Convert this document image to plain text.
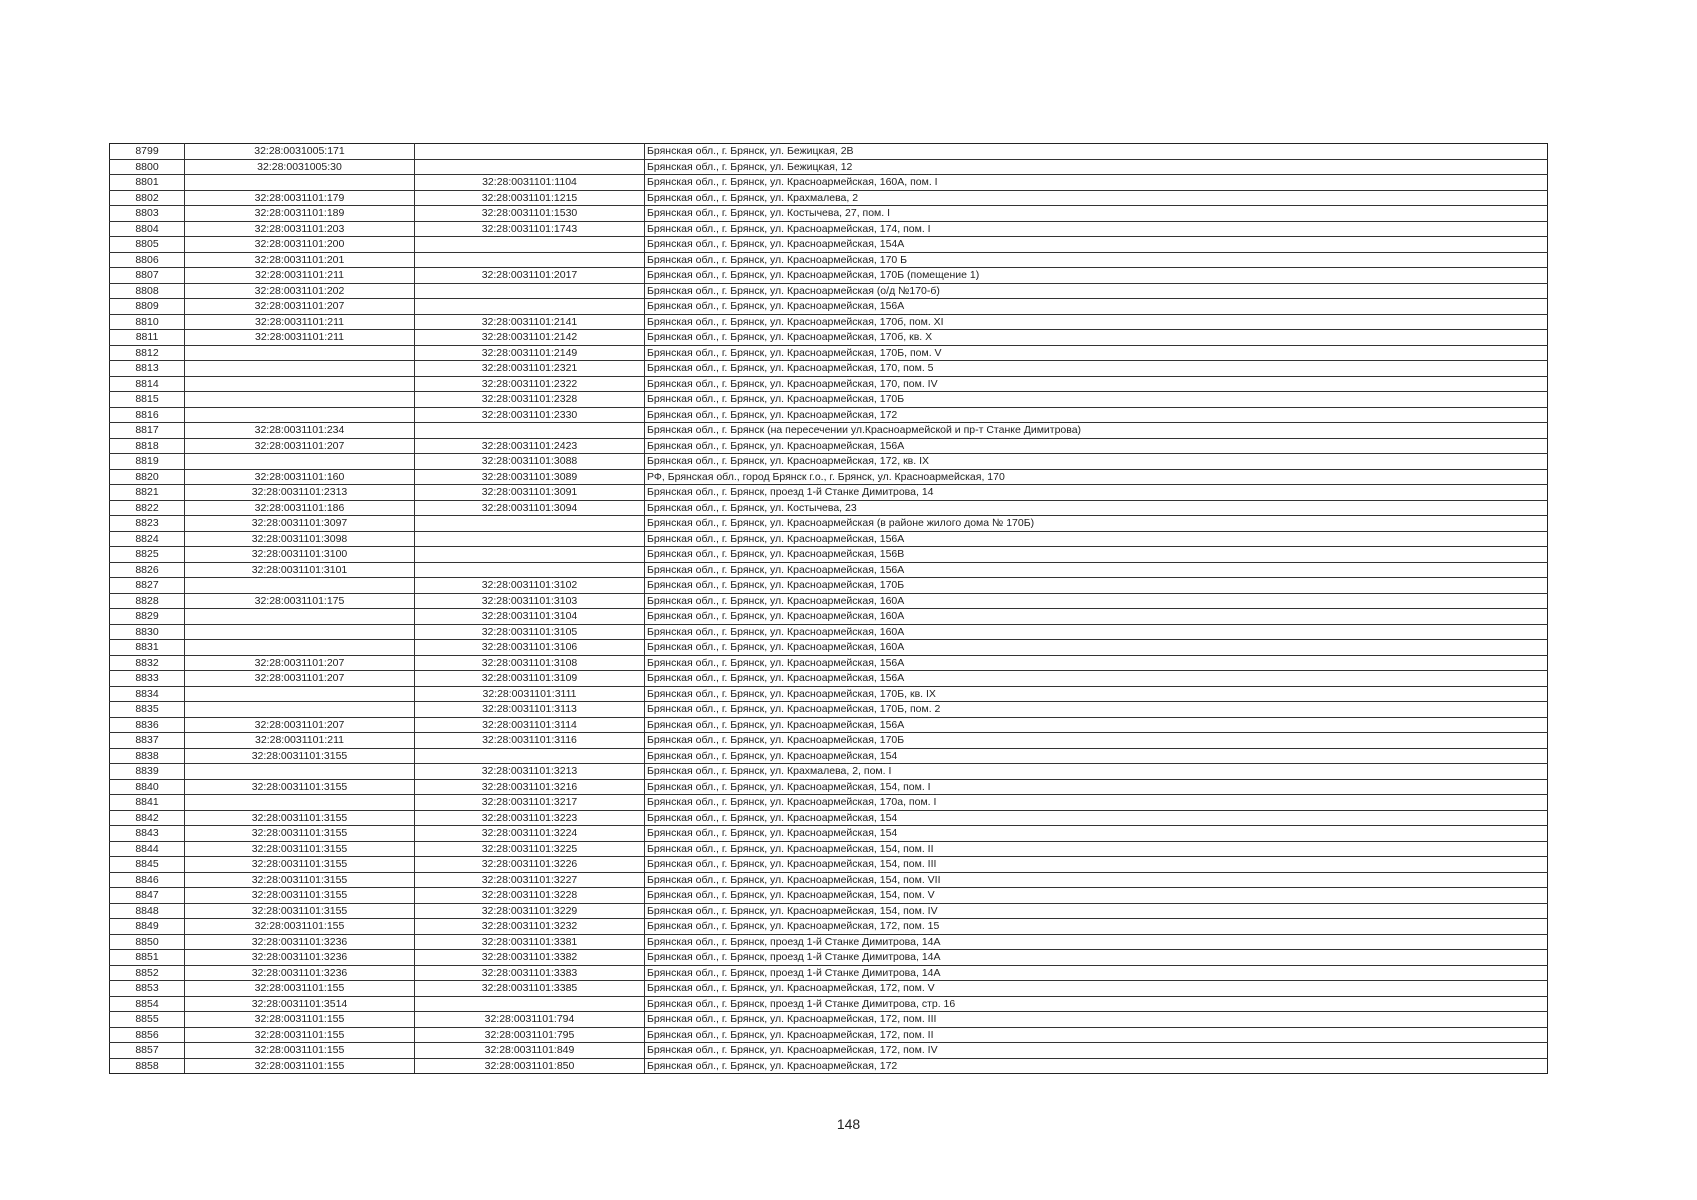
8799	32:28:0031005:171		Брянская обл., г. Брянск, ул. Бежицкая, 2В
8800	32:28:0031005:30		Брянская обл., г. Брянск, ул. Бежицкая, 12
8801		32:28:0031101:1104	Брянская обл., г. Брянск, ул. Красноармейская, 160А, пом. I
8802	32:28:0031101:179	32:28:0031101:1215	Брянская обл., г. Брянск, ул. Крахмалева, 2
8803	32:28:0031101:189	32:28:0031101:1530	Брянская обл., г. Брянск, ул. Костычева, 27, пом. I
8804	32:28:0031101:203	32:28:0031101:1743	Брянская обл., г. Брянск, ул. Красноармейская, 174, пом. I
8805	32:28:0031101:200		Брянская обл., г. Брянск, ул. Красноармейская, 154А
8806	32:28:0031101:201		Брянская обл., г. Брянск, ул. Красноармейская, 170 Б
8807	32:28:0031101:211	32:28:0031101:2017	Брянская обл., г. Брянск, ул. Красноармейская, 170Б (помещение 1)
8808	32:28:0031101:202		Брянская обл., г. Брянск, ул. Красноармейская (о/д №170-б)
8809	32:28:0031101:207		Брянская обл., г. Брянск, ул. Красноармейская, 156А
8810	32:28:0031101:211	32:28:0031101:2141	Брянская обл., г. Брянск, ул. Красноармейская, 170б, пом. XI
8811	32:28:0031101:211	32:28:0031101:2142	Брянская обл., г. Брянск, ул. Красноармейская, 170б, кв. X
8812		32:28:0031101:2149	Брянская обл., г. Брянск, ул. Красноармейская, 170Б, пом. V
8813		32:28:0031101:2321	Брянская обл., г. Брянск, ул. Красноармейская, 170, пом. 5
8814		32:28:0031101:2322	Брянская обл., г. Брянск, ул. Красноармейская, 170, пом. IV
8815		32:28:0031101:2328	Брянская обл., г. Брянск, ул. Красноармейская, 170Б
8816		32:28:0031101:2330	Брянская обл., г. Брянск, ул. Красноармейская, 172
8817	32:28:0031101:234		Брянская обл., г. Брянск (на пересечении ул.Красноармейской и пр-т Станке Димитрова)
8818	32:28:0031101:207	32:28:0031101:2423	Брянская обл., г. Брянск, ул. Красноармейская, 156А
8819		32:28:0031101:3088	Брянская обл., г. Брянск, ул. Красноармейская, 172, кв. IX
8820	32:28:0031101:160	32:28:0031101:3089	РФ, Брянская обл., город Брянск г.о., г. Брянск, ул. Красноармейская, 170
8821	32:28:0031101:2313	32:28:0031101:3091	Брянская обл., г. Брянск, проезд 1-й Станке Димитрова, 14
8822	32:28:0031101:186	32:28:0031101:3094	Брянская обл., г. Брянск, ул. Костычева, 23
8823	32:28:0031101:3097		Брянская обл., г. Брянск, ул. Красноармейская (в районе жилого дома № 170Б)
8824	32:28:0031101:3098		Брянская обл., г. Брянск, ул. Красноармейская, 156А
8825	32:28:0031101:3100		Брянская обл., г. Брянск, ул. Красноармейская, 156В
8826	32:28:0031101:3101		Брянская обл., г. Брянск, ул. Красноармейская, 156А
8827		32:28:0031101:3102	Брянская обл., г. Брянск, ул. Красноармейская, 170Б
8828	32:28:0031101:175	32:28:0031101:3103	Брянская обл., г. Брянск, ул. Красноармейская, 160А
8829		32:28:0031101:3104	Брянская обл., г. Брянск, ул. Красноармейская, 160А
8830		32:28:0031101:3105	Брянская обл., г. Брянск, ул. Красноармейская, 160А
8831		32:28:0031101:3106	Брянская обл., г. Брянск, ул. Красноармейская, 160А
8832	32:28:0031101:207	32:28:0031101:3108	Брянская обл., г. Брянск, ул. Красноармейская, 156А
8833	32:28:0031101:207	32:28:0031101:3109	Брянская обл., г. Брянск, ул. Красноармейская, 156А
8834		32:28:0031101:3111	Брянская обл., г. Брянск, ул. Красноармейская, 170Б, кв. IX
8835		32:28:0031101:3113	Брянская обл., г. Брянск, ул. Красноармейская, 170Б, пом. 2
8836	32:28:0031101:207	32:28:0031101:3114	Брянская обл., г. Брянск, ул. Красноармейская, 156А
8837	32:28:0031101:211	32:28:0031101:3116	Брянская обл., г. Брянск, ул. Красноармейская, 170Б
8838	32:28:0031101:3155		Брянская обл., г. Брянск, ул. Красноармейская, 154
8839		32:28:0031101:3213	Брянская обл., г. Брянск, ул. Крахмалева, 2, пом. I
8840	32:28:0031101:3155	32:28:0031101:3216	Брянская обл., г. Брянск, ул. Красноармейская, 154, пом. I
8841		32:28:0031101:3217	Брянская обл., г. Брянск, ул. Красноармейская, 170а, пом. I
8842	32:28:0031101:3155	32:28:0031101:3223	Брянская обл., г. Брянск, ул. Красноармейская, 154
8843	32:28:0031101:3155	32:28:0031101:3224	Брянская обл., г. Брянск, ул. Красноармейская, 154
8844	32:28:0031101:3155	32:28:0031101:3225	Брянская обл., г. Брянск, ул. Красноармейская, 154, пом. II
8845	32:28:0031101:3155	32:28:0031101:3226	Брянская обл., г. Брянск, ул. Красноармейская, 154, пом. III
8846	32:28:0031101:3155	32:28:0031101:3227	Брянская обл., г. Брянск, ул. Красноармейская, 154, пом. VII
8847	32:28:0031101:3155	32:28:0031101:3228	Брянская обл., г. Брянск, ул. Красноармейская, 154, пом. V
8848	32:28:0031101:3155	32:28:0031101:3229	Брянская обл., г. Брянск, ул. Красноармейская, 154, пом. IV
8849	32:28:0031101:155	32:28:0031101:3232	Брянская обл., г. Брянск, ул. Красноармейская, 172, пом. 15
8850	32:28:0031101:3236	32:28:0031101:3381	Брянская обл., г. Брянск, проезд 1-й Станке Димитрова, 14А
8851	32:28:0031101:3236	32:28:0031101:3382	Брянская обл., г. Брянск, проезд 1-й Станке Димитрова, 14А
8852	32:28:0031101:3236	32:28:0031101:3383	Брянская обл., г. Брянск, проезд 1-й Станке Димитрова, 14А
8853	32:28:0031101:155	32:28:0031101:3385	Брянская обл., г. Брянск, ул. Красноармейская, 172, пом. V
8854	32:28:0031101:3514		Брянская обл., г. Брянск, проезд 1-й Станке Димитрова, стр. 16
8855	32:28:0031101:155	32:28:0031101:794	Брянская обл., г. Брянск, ул. Красноармейская, 172, пом. III
8856	32:28:0031101:155	32:28:0031101:795	Брянская обл., г. Брянск, ул. Красноармейская, 172, пом. II
8857	32:28:0031101:155	32:28:0031101:849	Брянская обл., г. Брянск, ул. Красноармейская, 172, пом. IV
8858	32:28:0031101:155	32:28:0031101:850	Брянская обл., г. Брянск, ул. Красноармейская, 172
148
